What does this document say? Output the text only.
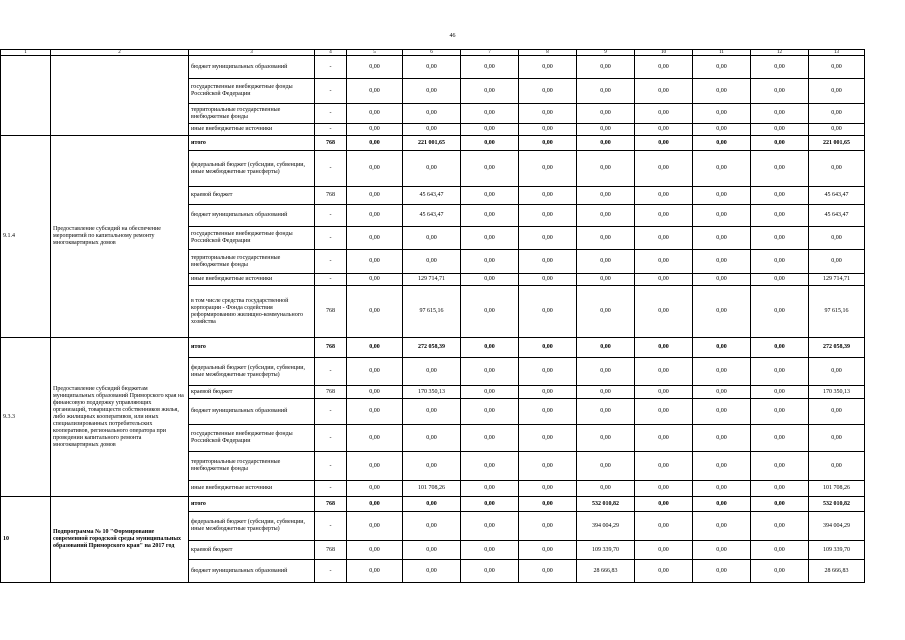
46
1	2	3	4	5	6	7	8	9	10	11	12	13
		бюджет муниципальных образований	-	0,00	0,00	0,00	0,00	0,00	0,00	0,00	0,00	0,00
		государственные внебюджетные фонды Российской Федерации	-	0,00	0,00	0,00	0,00	0,00	0,00	0,00	0,00	0,00
		территориальные государственные внебюджетные фонды	-	0,00	0,00	0,00	0,00	0,00	0,00	0,00	0,00	0,00
		иные внебюджетные источники	-	0,00	0,00	0,00	0,00	0,00	0,00	0,00	0,00	0,00
9.1.4	Предоставление субсидий на обеспечение мероприятий по капитальному ремонту многоквартирных домов	итого	768	0,00	221 001,65	0,00	0,00	0,00	0,00	0,00	0,00	221 001,65
		федеральный бюджет (субсидии, субвенции, иные межбюджетные трансферты)	-	0,00	0,00	0,00	0,00	0,00	0,00	0,00	0,00	0,00
		краевой бюджет	768	0,00	45 643,47	0,00	0,00	0,00	0,00	0,00	0,00	45 643,47
		бюджет муниципальных образований	-	0,00	45 643,47	0,00	0,00	0,00	0,00	0,00	0,00	45 643,47
		государственные внебюджетные фонды Российской Федерации	-	0,00	0,00	0,00	0,00	0,00	0,00	0,00	0,00	0,00
		территориальные государственные внебюджетные фонды	-	0,00	0,00	0,00	0,00	0,00	0,00	0,00	0,00	0,00
		иные внебюджетные источники	-	0,00	129 714,71	0,00	0,00	0,00	0,00	0,00	0,00	129 714,71
		в том числе средства государственной корпорации - Фонда содействия реформированию жилищно-коммунального хозяйства	768	0,00	97 615,16	0,00	0,00	0,00	0,00	0,00	0,00	97 615,16
9.3.3	Предоставление субсидий бюджетам муниципальных образований Приморского края на финансовую поддержку управляющих организаций, товариществ собственников жилья, либо жилищных кооперативов, или иных специализированных потребительских кооперативов, регионального оператора при проведении капитального ремонта многоквартирных домов	итого	768	0,00	272 058,39	0,00	0,00	0,00	0,00	0,00	0,00	272 058,39
		федеральный бюджет (субсидии, субвенции, иные межбюджетные трансферты)	-	0,00	0,00	0,00	0,00	0,00	0,00	0,00	0,00	0,00
		краевой бюджет	768	0,00	170 350,13	0,00	0,00	0,00	0,00	0,00	0,00	170 350,13
		бюджет муниципальных образований	-	0,00	0,00	0,00	0,00	0,00	0,00	0,00	0,00	0,00
		государственные внебюджетные фонды Российской Федерации	-	0,00	0,00	0,00	0,00	0,00	0,00	0,00	0,00	0,00
		территориальные государственные внебюджетные фонды	-	0,00	0,00	0,00	0,00	0,00	0,00	0,00	0,00	0,00
		иные внебюджетные источники	-	0,00	101 708,26	0,00	0,00	0,00	0,00	0,00	0,00	101 708,26
10	Подпрограмма № 10 "Формирование современной городской среды муниципальных образований Приморского края" на 2017 год	итого	768	0,00	0,00	0,00	0,00	532 010,82	0,00	0,00	0,00	532 010,82
		федеральный бюджет (субсидии, субвенции, иные межбюджетные трансферты)	-	0,00	0,00	0,00	0,00	394 004,29	0,00	0,00	0,00	394 004,29
		краевой бюджет	768	0,00	0,00	0,00	0,00	109 339,70	0,00	0,00	0,00	109 339,70
		бюджет муниципальных образований	-	0,00	0,00	0,00	0,00	28 666,83	0,00	0,00	0,00	28 666,83
